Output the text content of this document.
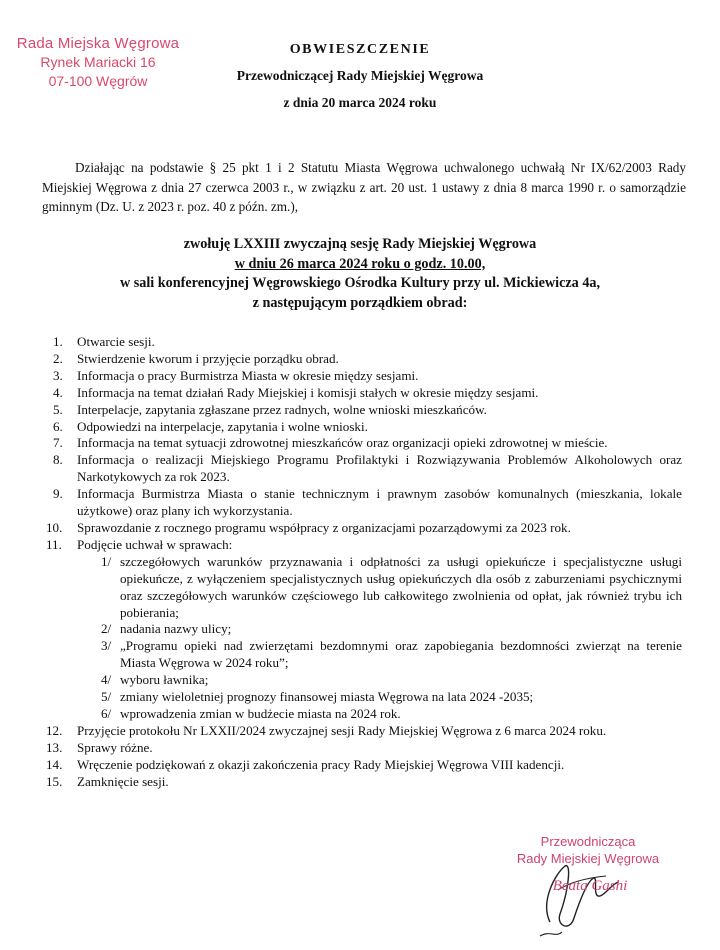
Rada Miejska Węgrowa
Rynek Mariacki 16
07-100 Węgrów
OBWIESZCZENIE
Przewodniczącej Rady Miejskiej Węgrowa
z dnia 20 marca 2024 roku
Działając na podstawie § 25 pkt 1 i 2 Statutu Miasta Węgrowa uchwalonego uchwałą Nr IX/62/2003 Rady Miejskiej Węgrowa z dnia 27 czerwca 2003 r., w związku z art. 20 ust. 1 ustawy z dnia 8 marca 1990 r. o samorządzie gminnym (Dz. U. z 2023 r. poz. 40 z późn. zm.),
zwołuję LXXIII zwyczajną sesję Rady Miejskiej Węgrowa
w dniu 26 marca 2024 roku o godz. 10.00,
w sali konferencyjnej Węgrowskiego Ośrodka Kultury przy ul. Mickiewicza 4a,
z następującym porządkiem obrad:
1. Otwarcie sesji.
2. Stwierdzenie kworum i przyjęcie porządku obrad.
3. Informacja o pracy Burmistrza Miasta w okresie między sesjami.
4. Informacja na temat działań Rady Miejskiej i komisji stałych w okresie między sesjami.
5. Interpelacje, zapytania zgłaszane przez radnych, wolne wnioski mieszkańców.
6. Odpowiedzi na interpelacje, zapytania i wolne wnioski.
7. Informacja na temat sytuacji zdrowotnej mieszkańców oraz organizacji opieki zdrowotnej w mieście.
8. Informacja o realizacji Miejskiego Programu Profilaktyki i Rozwiązywania Problemów Alkoholowych oraz Narkotykowych za rok 2023.
9. Informacja Burmistrza Miasta o stanie technicznym i prawnym zasobów komunalnych (mieszkania, lokale użytkowe) oraz plany ich wykorzystania.
10. Sprawozdanie z rocznego programu współpracy z organizacjami pozarządowymi za 2023 rok.
11. Podjęcie uchwał w sprawach:
1/ szczegółowych warunków przyznawania i odpłatności za usługi opiekuńcze i specjalistyczne usługi opiekuńcze, z wyłączeniem specjalistycznych usług opiekuńczych dla osób z zaburzeniami psychicznymi oraz szczegółowych warunków częściowego lub całkowitego zwolnienia od opłat, jak również trybu ich pobierania;
2/ nadania nazwy ulicy;
3/ „Programu opieki nad zwierzętami bezdomnymi oraz zapobiegania bezdomności zwierząt na terenie Miasta Węgrowa w 2024 roku”;
4/ wyboru ławnika;
5/ zmiany wieloletniej prognozy finansowej miasta Węgrowa na lata 2024 -2035;
6/ wprowadzenia zmian w budżecie miasta na 2024 rok.
12. Przyjęcie protokołu Nr LXXII/2024 zwyczajnej sesji Rady Miejskiej Węgrowa z 6 marca 2024 roku.
13. Sprawy różne.
14. Wręczenie podziękowań z okazji zakończenia pracy Rady Miejskiej Węgrowa VIII kadencji.
15. Zamknięcie sesji.
Przewodnicząca
Rady Miejskiej Węgrowa
Beata Gashi
